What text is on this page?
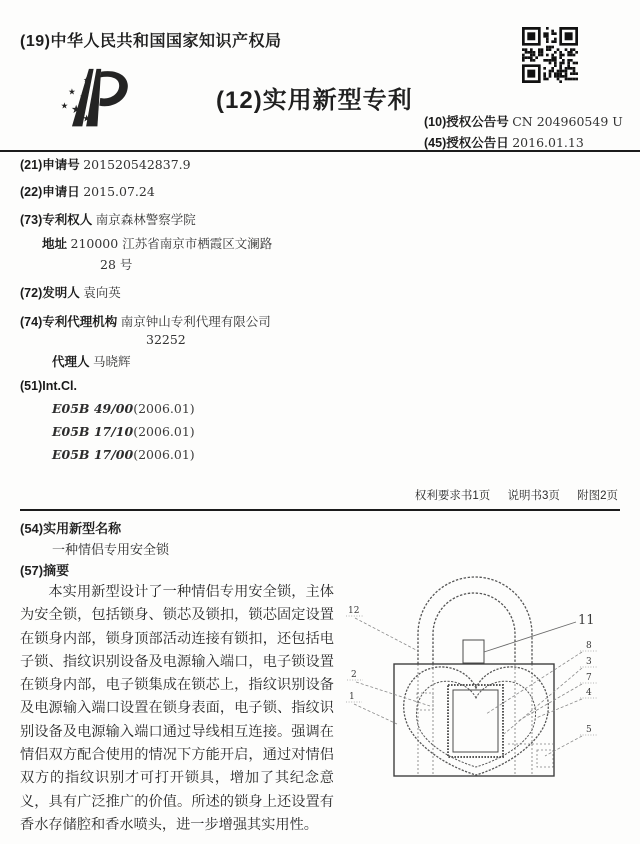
(19)中华人民共和国国家知识产权局
★
★
★
★ ★
★
(12)实用新型专利
(10)授权公告号 CN 204960549 U
(45)授权公告日 2016.01.13
(21)申请号 201520542837.9
(22)申请日 2015.07.24
(73)专利权人 南京森林警察学院
地址 210000 江苏省南京市栖霞区文澜路
28 号
(72)发明人 袁向英
(74)专利代理机构 南京钟山专利代理有限公司
32252
代理人 马晓辉
(51)Int.Cl.
E05B 49/00(2006.01)
E05B 17/10(2006.01)
E05B 17/00(2006.01)
权利要求书1页 说明书3页 附图2页
(54)实用新型名称
一种情侣专用安全锁
(57)摘要
本实用新型设计了一种情侣专用安全锁，主体为安全锁，包括锁身、锁芯及锁扣，锁芯固定设置在锁身内部，锁身顶部活动连接有锁扣，还包括电子锁、指纹识别设备及电源输入端口，电子锁设置在锁身内部，电子锁集成在锁芯上，指纹识别设备及电源输入端口设置在锁身表面，电子锁、指纹识别设备及电源输入端口通过导线相互连接。强调在情侣双方配合使用的情况下方能开启，通过对情侣双方的指纹识别才可打开锁具，增加了其纪念意义，具有广泛推广的价值。所述的锁身上还设置有香水存储腔和香水喷头，进一步增强其实用性。
12
2
1
11
8
3
7
4
5
